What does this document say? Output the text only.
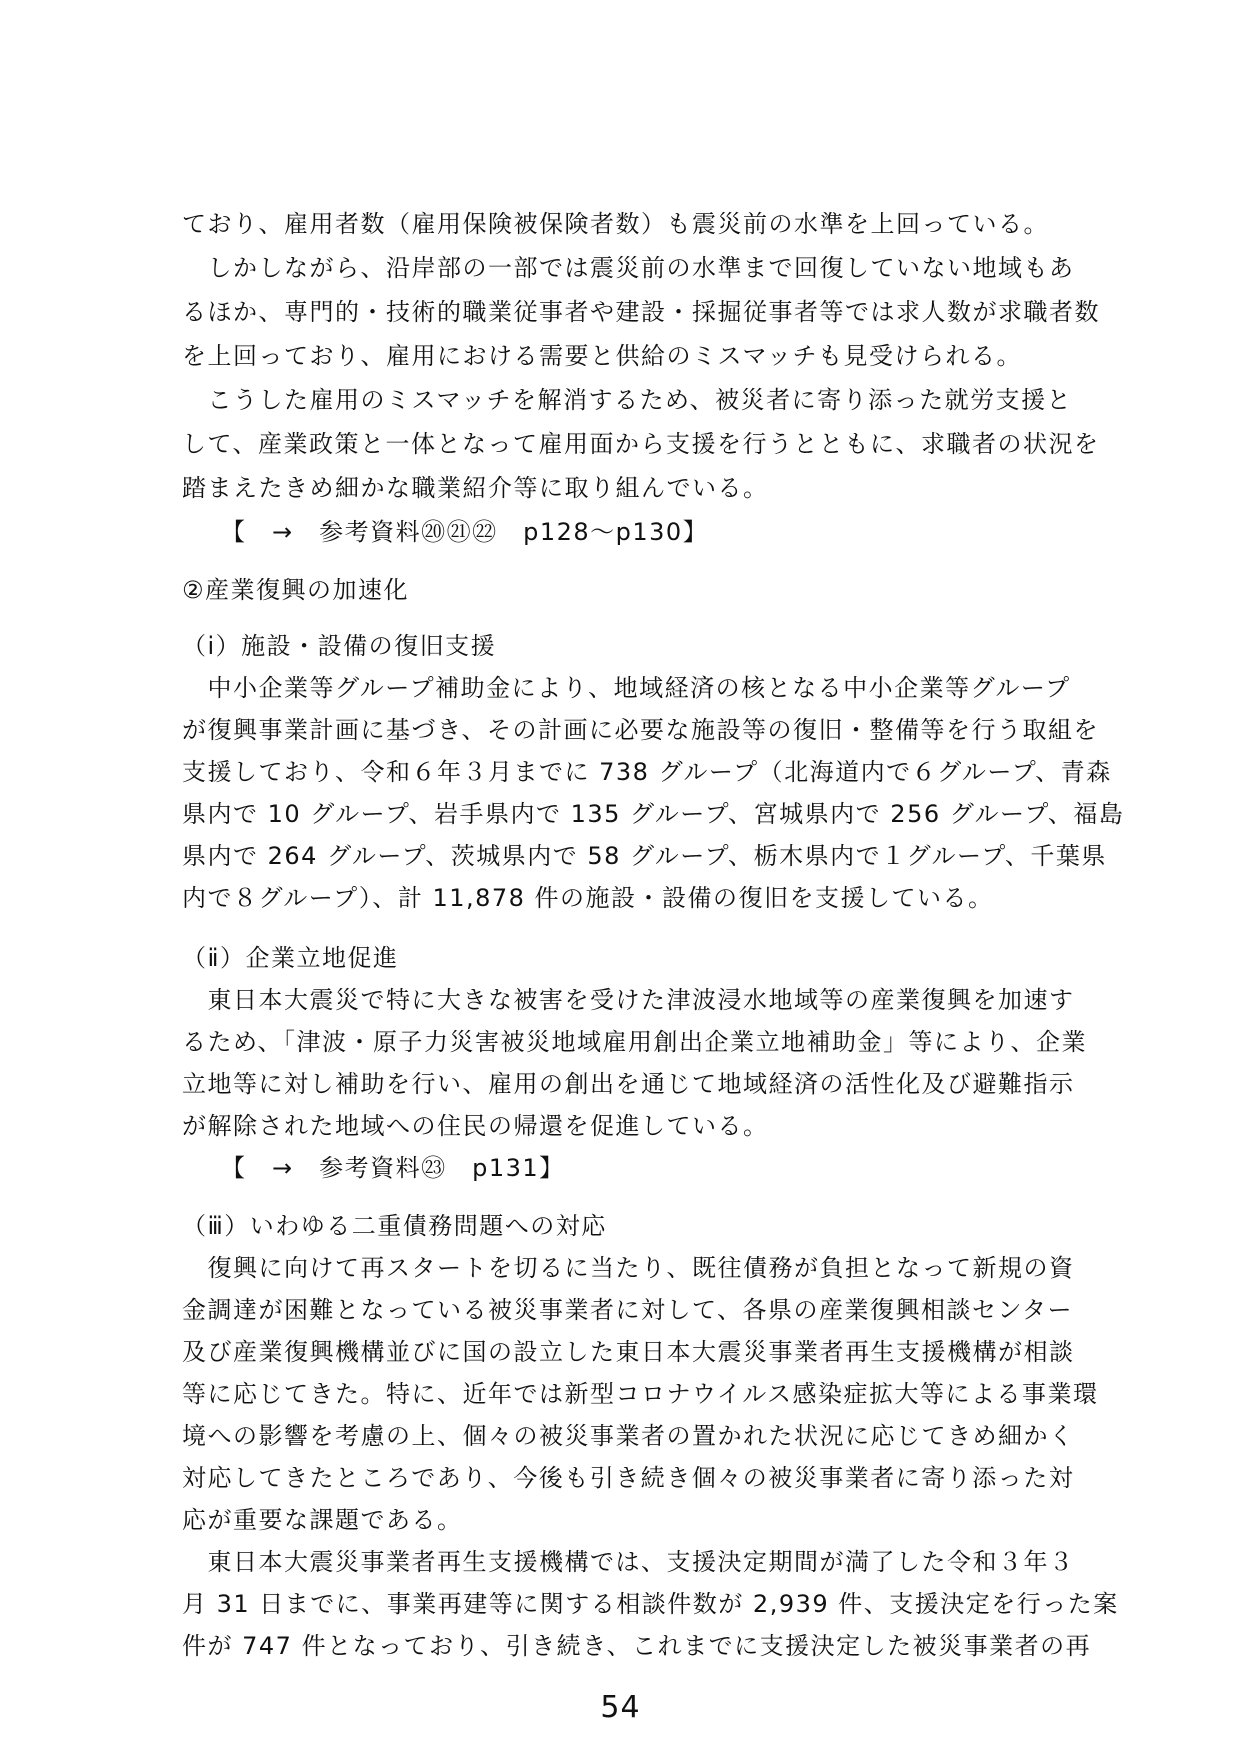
ており、雇用者数（雇用保険被保険者数）も震災前の水準を上回っている。
　しかしながら、沿岸部の一部では震災前の水準まで回復していない地域もあ
るほか、専門的・技術的職業従事者や建設・採掘従事者等では求人数が求職者数
を上回っており、雇用における需要と供給のミスマッチも見受けられる。
　こうした雇用のミスマッチを解消するため、被災者に寄り添った就労支援と
して、産業政策と一体となって雇用面から支援を行うとともに、求職者の状況を
踏まえたきめ細かな職業紹介等に取り組んでいる。
　　【　→　参考資料⑳㉑㉒　p128～p130】
②産業復興の加速化
（ⅰ）施設・設備の復旧支援
　中小企業等グループ補助金により、地域経済の核となる中小企業等グループ
が復興事業計画に基づき、その計画に必要な施設等の復旧・整備等を行う取組を
支援しており、令和６年３月までに 738 グループ（北海道内で６グループ、青森
県内で 10 グループ、岩手県内で 135 グループ、宮城県内で 256 グループ、福島
県内で 264 グループ、茨城県内で 58 グループ、栃木県内で１グループ、千葉県
内で８グループ）、計 11,878 件の施設・設備の復旧を支援している。
（ⅱ）企業立地促進
　東日本大震災で特に大きな被害を受けた津波浸水地域等の産業復興を加速す
るため、「津波・原子力災害被災地域雇用創出企業立地補助金」等により、企業
立地等に対し補助を行い、雇用の創出を通じて地域経済の活性化及び避難指示
が解除された地域への住民の帰還を促進している。
　　【　→　参考資料㉓　p131】
（ⅲ）いわゆる二重債務問題への対応
　復興に向けて再スタートを切るに当たり、既往債務が負担となって新規の資
金調達が困難となっている被災事業者に対して、各県の産業復興相談センター
及び産業復興機構並びに国の設立した東日本大震災事業者再生支援機構が相談
等に応じてきた。特に、近年では新型コロナウイルス感染症拡大等による事業環
境への影響を考慮の上、個々の被災事業者の置かれた状況に応じてきめ細かく
対応してきたところであり、今後も引き続き個々の被災事業者に寄り添った対
応が重要な課題である。
　東日本大震災事業者再生支援機構では、支援決定期間が満了した令和３年３
月 31 日までに、事業再建等に関する相談件数が 2,939 件、支援決定を行った案
件が 747 件となっており、引き続き、これまでに支援決定した被災事業者の再
54
